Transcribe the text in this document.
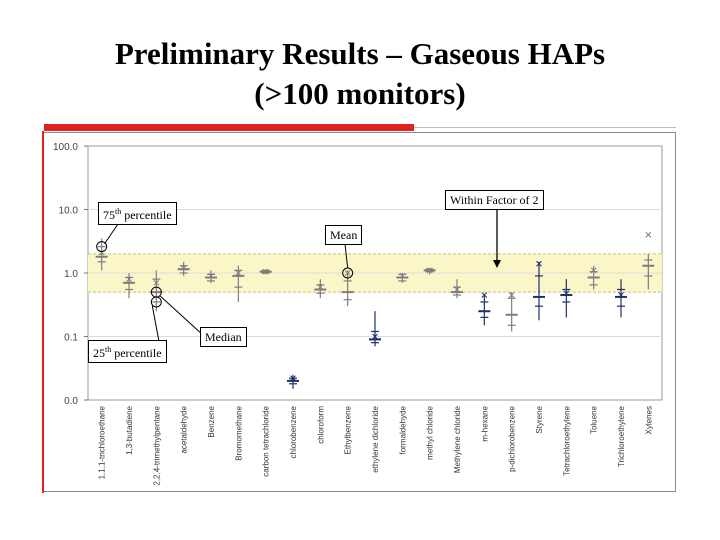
Preliminary Results – Gaseous HAPs
(>100 monitors)
100.0
10.0
1.0
0.1
0.0
1,1,1-trichloroethane 1,3-butadiene 2,2,4-trimethylpentane acetaldehyde Benzene Bromomethane carbon tetrachloride chlorobenzene chloroform Ethylbenzene ethylene dichloride formaldehyde methyl chloride Methylene chloride m-hexane p-dichlorobenzene Styrene Tetrachloroethylene Toluene Trichloroethylene Xylenes
Within Factor of 2
75th percentile
Mean
25th percentile
Median
